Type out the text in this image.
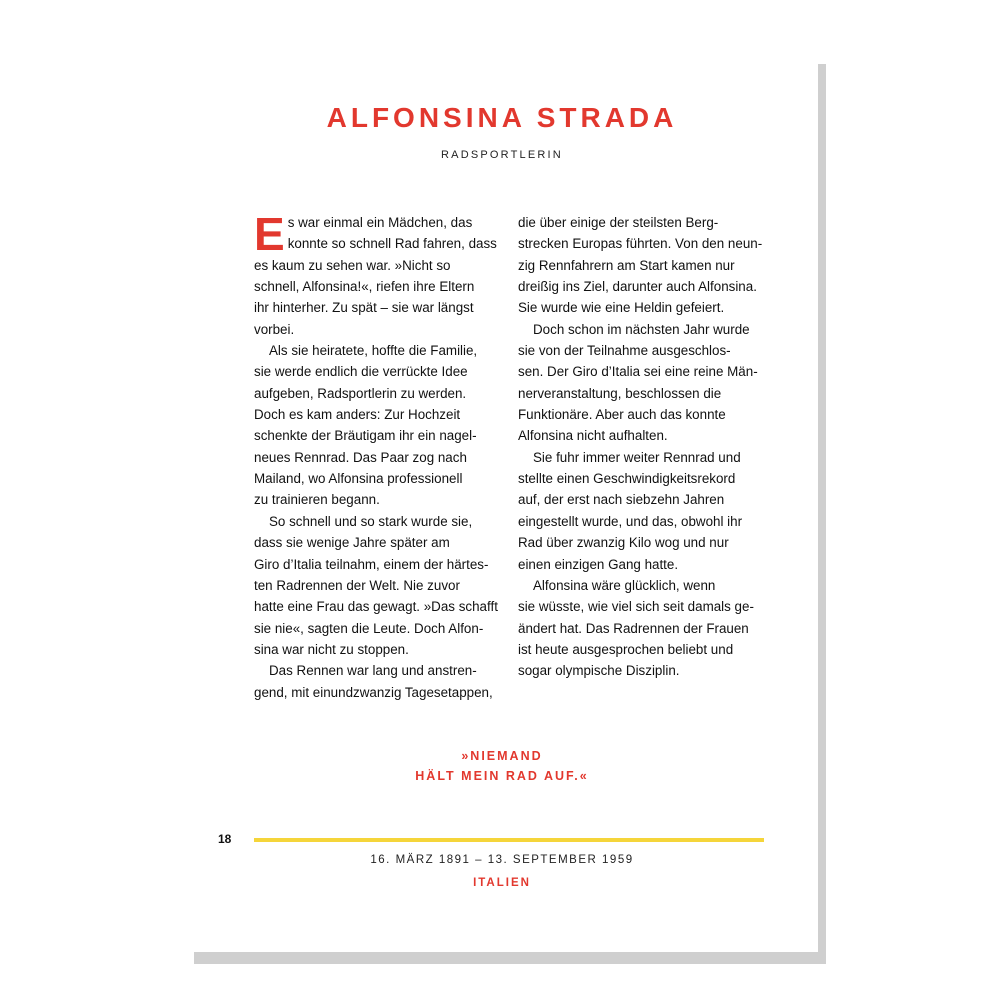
ALFONSINA STRADA
RADSPORTLERIN
E s war einmal ein Mädchen, das
konnte so schnell Rad fahren, dass
es kaum zu sehen war. »Nicht so
schnell, Alfonsina!«, riefen ihre Eltern
ihr hinterher. Zu spät – sie war längst
vorbei.
Als sie heiratete, hoffte die Familie,
sie werde endlich die verrückte Idee
aufgeben, Radsportlerin zu werden.
Doch es kam anders: Zur Hochzeit
schenkte der Bräutigam ihr ein nagel-
neues Rennrad. Das Paar zog nach
Mailand, wo Alfonsina professionell
zu trainieren begann.
So schnell und so stark wurde sie,
dass sie wenige Jahre später am
Giro d’Italia teilnahm, einem der härtes-
ten Radrennen der Welt. Nie zuvor
hatte eine Frau das gewagt. »Das schafft
sie nie«, sagten die Leute. Doch Alfon-
sina war nicht zu stoppen.
Das Rennen war lang und anstren-
gend, mit einundzwanzig Tagesetappen,
die über einige der steilsten Berg-
strecken Europas führten. Von den neun-
zig Rennfahrern am Start kamen nur
dreißig ins Ziel, darunter auch Alfonsina.
Sie wurde wie eine Heldin gefeiert.
Doch schon im nächsten Jahr wurde
sie von der Teilnahme ausgeschlos-
sen. Der Giro d’Italia sei eine reine Män-
nerveranstaltung, beschlossen die
Funktionäre. Aber auch das konnte
Alfonsina nicht aufhalten.
Sie fuhr immer weiter Rennrad und
stellte einen Geschwindigkeitsrekord
auf, der erst nach siebzehn Jahren
eingestellt wurde, und das, obwohl ihr
Rad über zwanzig Kilo wog und nur
einen einzigen Gang hatte.
Alfonsina wäre glücklich, wenn
sie wüsste, wie viel sich seit damals ge-
ändert hat. Das Radrennen der Frauen
ist heute ausgesprochen beliebt und
sogar olympische Disziplin.
»NIEMAND
HÄLT MEIN RAD AUF.«
18
16. MÄRZ 1891 – 13. SEPTEMBER 1959
ITALIEN
